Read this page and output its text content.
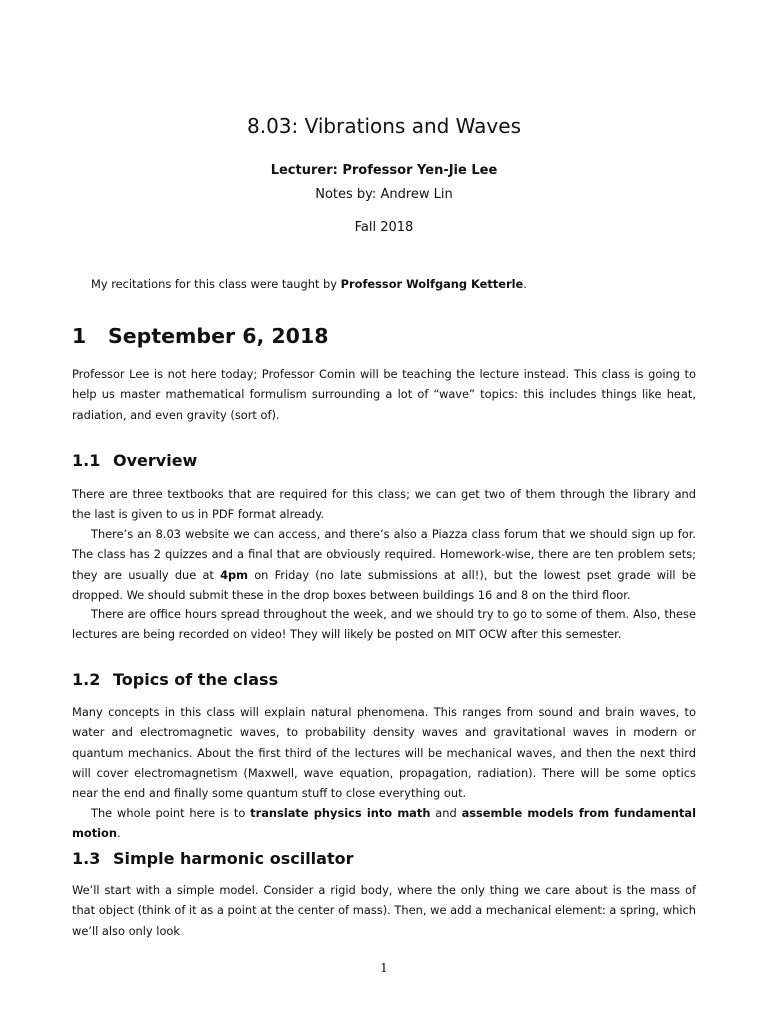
8.03: Vibrations and Waves

Lecturer: Professor Yen-Jie Lee

Notes by: Andrew Lin

Fall 2018

My recitations for this class were taught by Professor Wolfgang Ketterle.

1 September 6, 2018

Professor Lee is not here today; Professor Comin will be teaching the lecture instead. This class is going to help us master mathematical formulism surrounding a lot of “wave” topics: this includes things like heat, radiation, and even gravity (sort of).

1.1 Overview

There are three textbooks that are required for this class; we can get two of them through the library and the last is given to us in PDF format already.

There’s an 8.03 website we can access, and there’s also a Piazza class forum that we should sign up for. The class has 2 quizzes and a final that are obviously required. Homework-wise, there are ten problem sets; they are usually due at 4pm on Friday (no late submissions at all!), but the lowest pset grade will be dropped. We should submit these in the drop boxes between buildings 16 and 8 on the third floor.

There are office hours spread throughout the week, and we should try to go to some of them. Also, these lectures are being recorded on video! They will likely be posted on MIT OCW after this semester.

1.2 Topics of the class

Many concepts in this class will explain natural phenomena. This ranges from sound and brain waves, to water and electromagnetic waves, to probability density waves and gravitational waves in modern or quantum mechanics. About the first third of the lectures will be mechanical waves, and then the next third will cover electromagnetism (Maxwell, wave equation, propagation, radiation). There will be some optics near the end and finally some quantum stuff to close everything out.

The whole point here is to translate physics into math and assemble models from fundamental motion.

1.3 Simple harmonic oscillator

We’ll start with a simple model. Consider a rigid body, where the only thing we care about is the mass of that object (think of it as a point at the center of mass). Then, we add a mechanical element: a spring, which we’ll also only look

1
